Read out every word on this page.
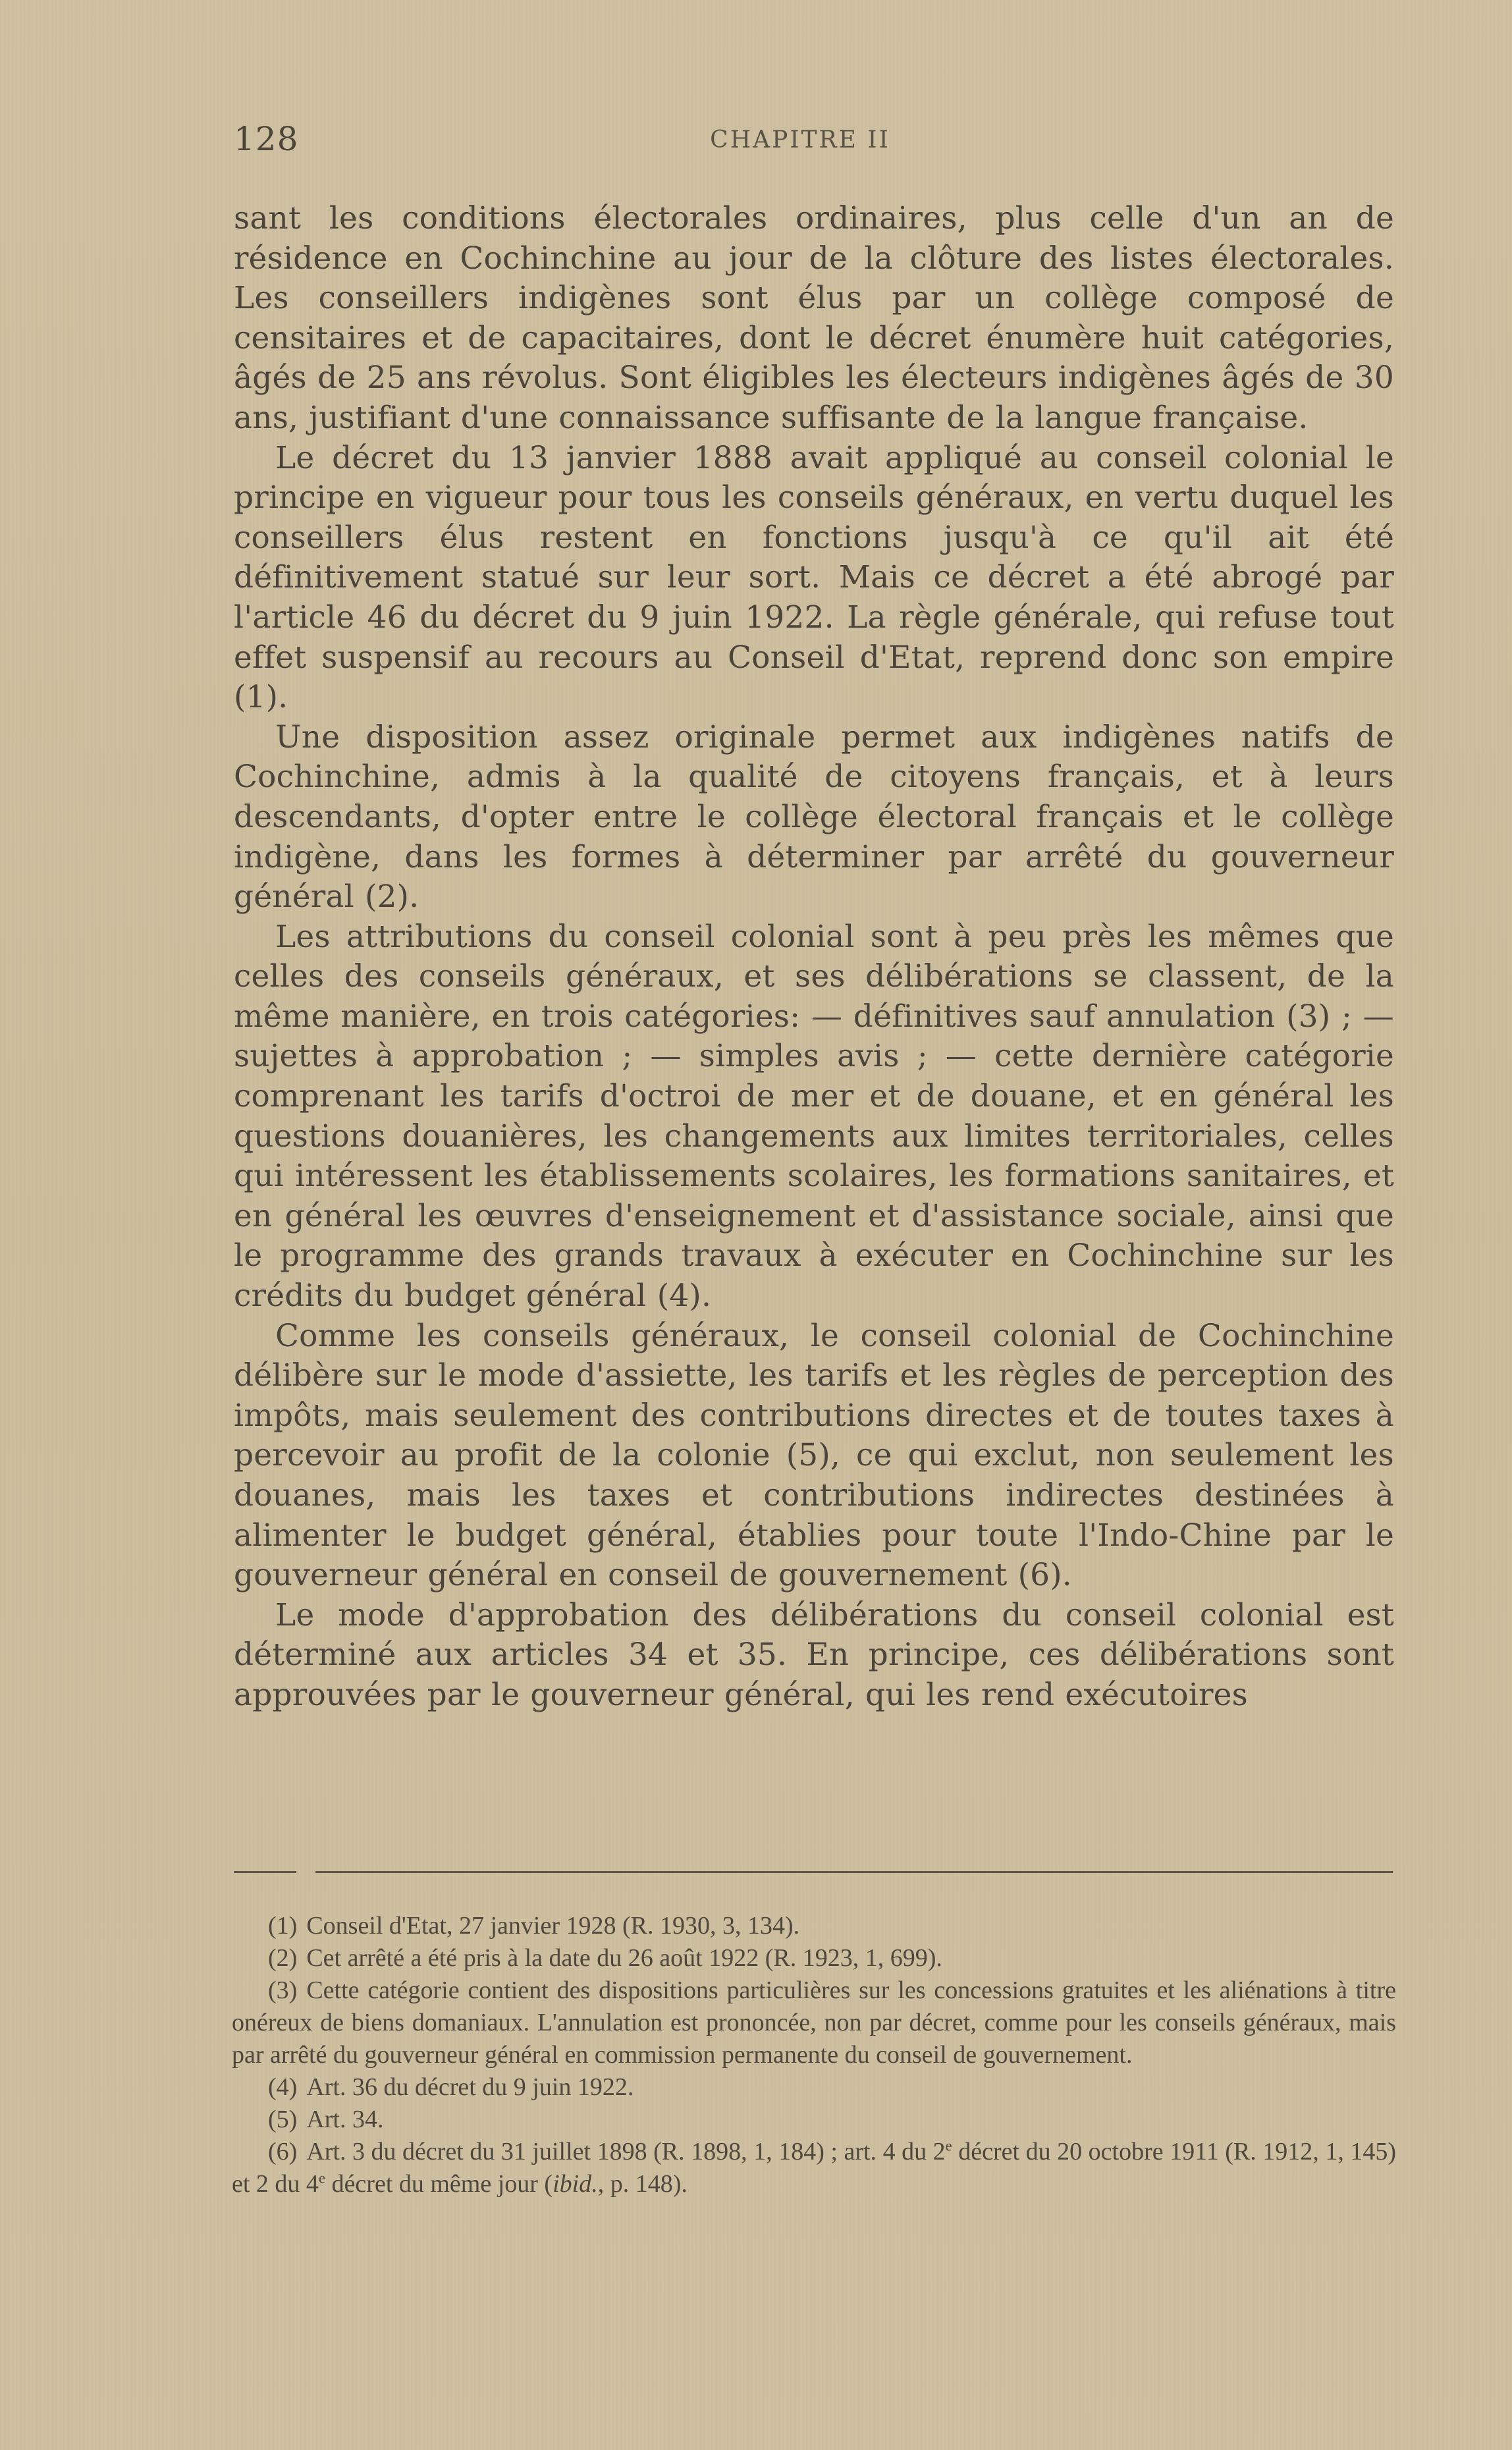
128	CHAPITRE II

sant les conditions électorales ordinaires, plus celle d'un an de résidence en Cochinchine au jour de la clôture des listes électorales. Les conseillers indigènes sont élus par un collège composé de censitaires et de capacitaires, dont le décret énumère huit catégories, âgés de 25 ans révolus. Sont éligibles les électeurs indigènes âgés de 30 ans, justifiant d'une connaissance suffisante de la langue française.

Le décret du 13 janvier 1888 avait appliqué au conseil colonial le principe en vigueur pour tous les conseils généraux, en vertu duquel les conseillers élus restent en fonctions jusqu'à ce qu'il ait été définitivement statué sur leur sort. Mais ce décret a été abrogé par l'article 46 du décret du 9 juin 1922. La règle générale, qui refuse tout effet suspensif au recours au Conseil d'Etat, reprend donc son empire (1).

Une disposition assez originale permet aux indigènes natifs de Cochinchine, admis à la qualité de citoyens français, et à leurs descendants, d'opter entre le collège électoral français et le collège indigène, dans les formes à déterminer par arrêté du gouverneur général (2).

Les attributions du conseil colonial sont à peu près les mêmes que celles des conseils généraux, et ses délibérations se classent, de la même manière, en trois catégories: — définitives sauf annulation (3) ; — sujettes à approbation ; — simples avis ; — cette dernière catégorie comprenant les tarifs d'octroi de mer et de douane, et en général les questions douanières, les changements aux limites territoriales, celles qui intéressent les établissements scolaires, les formations sanitaires, et en général les œuvres d'enseignement et d'assistance sociale, ainsi que le programme des grands travaux à exécuter en Cochinchine sur les crédits du budget général (4).

Comme les conseils généraux, le conseil colonial de Cochinchine délibère sur le mode d'assiette, les tarifs et les règles de perception des impôts, mais seulement des contributions directes et de toutes taxes à percevoir au profit de la colonie (5), ce qui exclut, non seulement les douanes, mais les taxes et contributions indirectes destinées à alimenter le budget général, établies pour toute l'Indo-Chine par le gouverneur général en conseil de gouvernement (6).

Le mode d'approbation des délibérations du conseil colonial est déterminé aux articles 34 et 35. En principe, ces délibérations sont approuvées par le gouverneur général, qui les rend exécutoires

(1) Conseil d'Etat, 27 janvier 1928 (R. 1930, 3, 134).

(2) Cet arrêté a été pris à la date du 26 août 1922 (R. 1923, 1, 699).

(3) Cette catégorie contient des dispositions particulières sur les concessions gratuites et les aliénations à titre onéreux de biens domaniaux. L'annulation est prononcée, non par décret, comme pour les conseils généraux, mais par arrêté du gouverneur général en commission permanente du conseil de gouvernement.

(4) Art. 36 du décret du 9 juin 1922.

(5) Art. 34.

(6) Art. 3 du décret du 31 juillet 1898 (R. 1898, 1, 184) ; art. 4 du 2e décret du 20 octobre 1911 (R. 1912, 1, 145) et 2 du 4e décret du même jour (ibid., p. 148).
